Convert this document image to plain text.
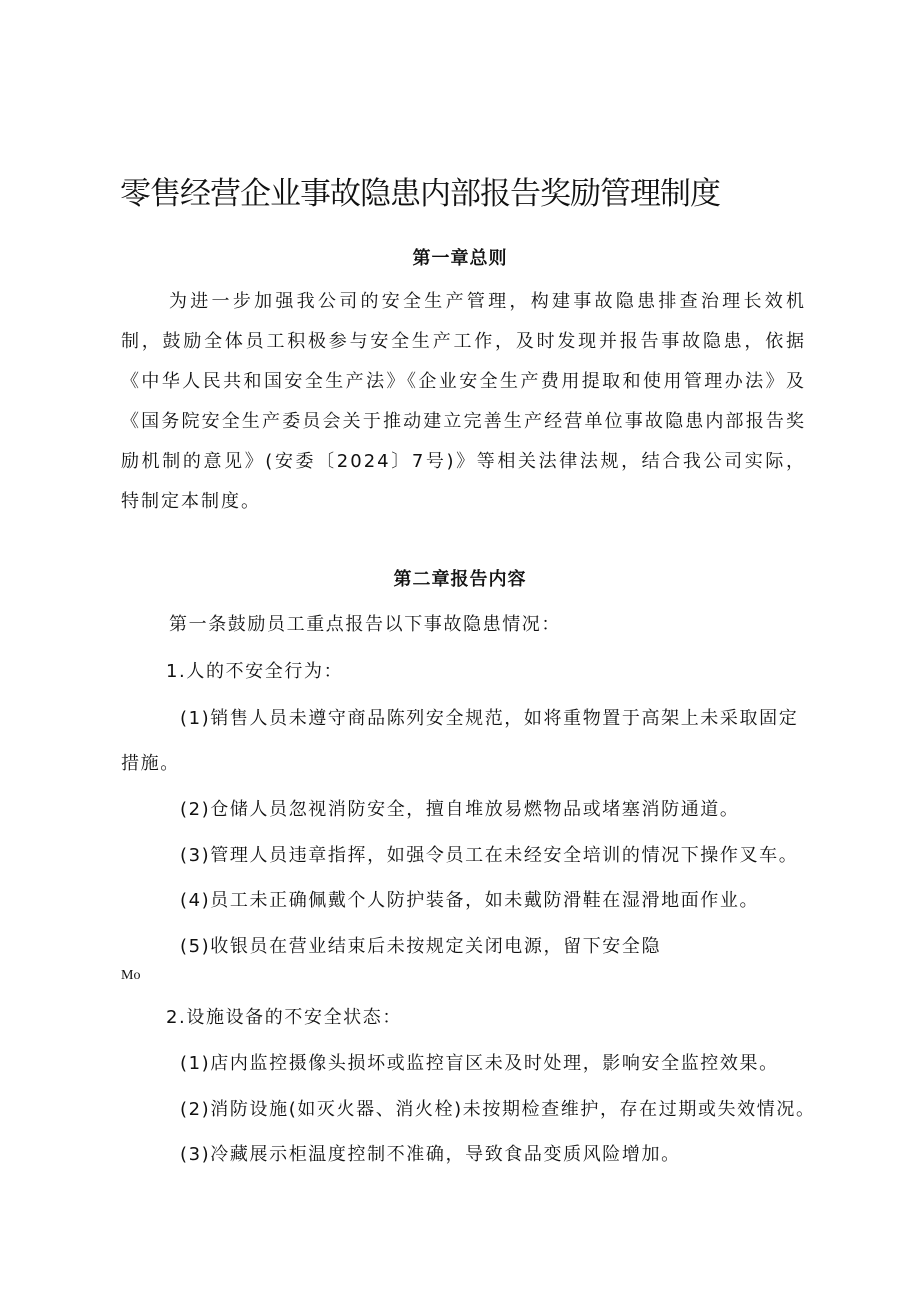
零售经营企业事故隐患内部报告奖励管理制度
第一章总则

为进一步加强我公司的安全生产管理，构建事故隐患排查治理长效机制，鼓励全体员工积极参与安全生产工作，及时发现并报告事故隐患，依据《中华人民共和国安全生产法》《企业安全生产费用提取和使用管理办法》及《国务院安全生产委员会关于推动建立完善生产经营单位事故隐患内部报告奖励机制的意见》(安委〔2024〕7号)》等相关法律法规，结合我公司实际，特制定本制度。

第二章报告内容

第一条鼓励员工重点报告以下事故隐患情况：

1.人的不安全行为：

(1)销售人员未遵守商品陈列安全规范，如将重物置于高架上未采取固定

措施。

(2)仓储人员忽视消防安全，擅自堆放易燃物品或堵塞消防通道。

(3)管理人员违章指挥，如强令员工在未经安全培训的情况下操作叉车。

(4)员工未正确佩戴个人防护装备，如未戴防滑鞋在湿滑地面作业。

(5)收银员在营业结束后未按规定关闭电源，留下安全隐

Mo

2.设施设备的不安全状态：

(1)店内监控摄像头损坏或监控盲区未及时处理，影响安全监控效果。

(2)消防设施(如灭火器、消火栓)未按期检查维护，存在过期或失效情况。

(3)冷藏展示柜温度控制不准确，导致食品变质风险增加。
